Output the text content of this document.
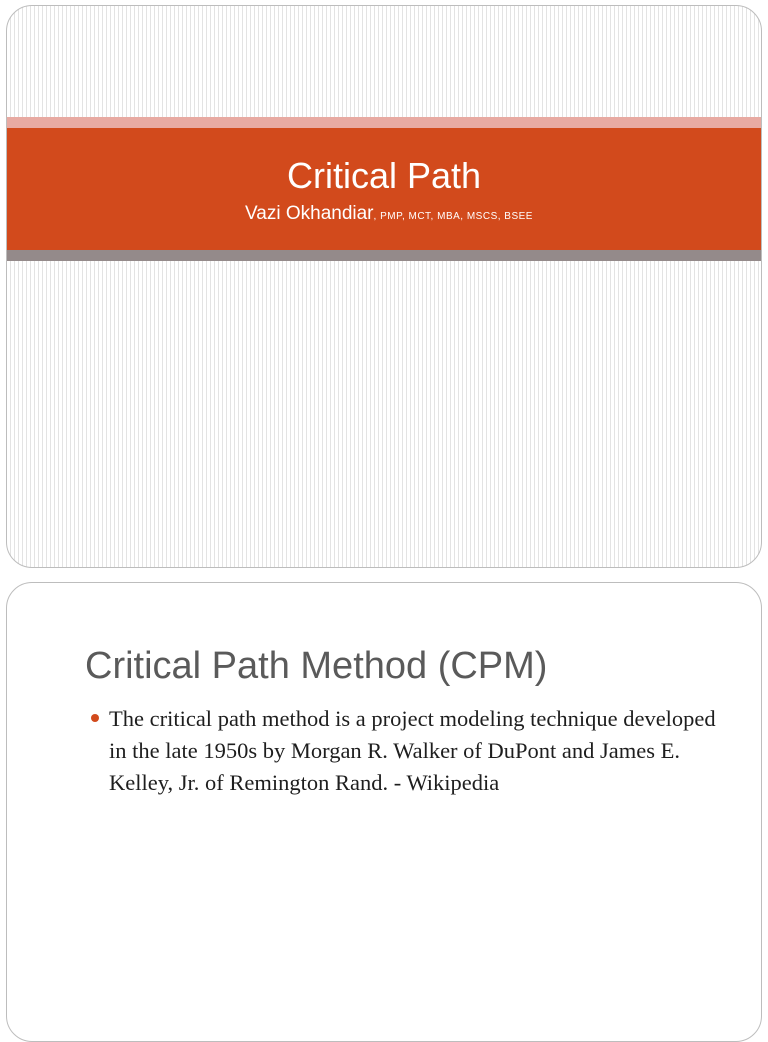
Critical Path
Vazi Okhandiar, PMP, MCT, MBA, MSCS, BSEE
Critical Path Method (CPM)
The critical path method is a project modeling technique developed in the late 1950s by Morgan R. Walker of DuPont and James E. Kelley, Jr. of Remington Rand. - Wikipedia
